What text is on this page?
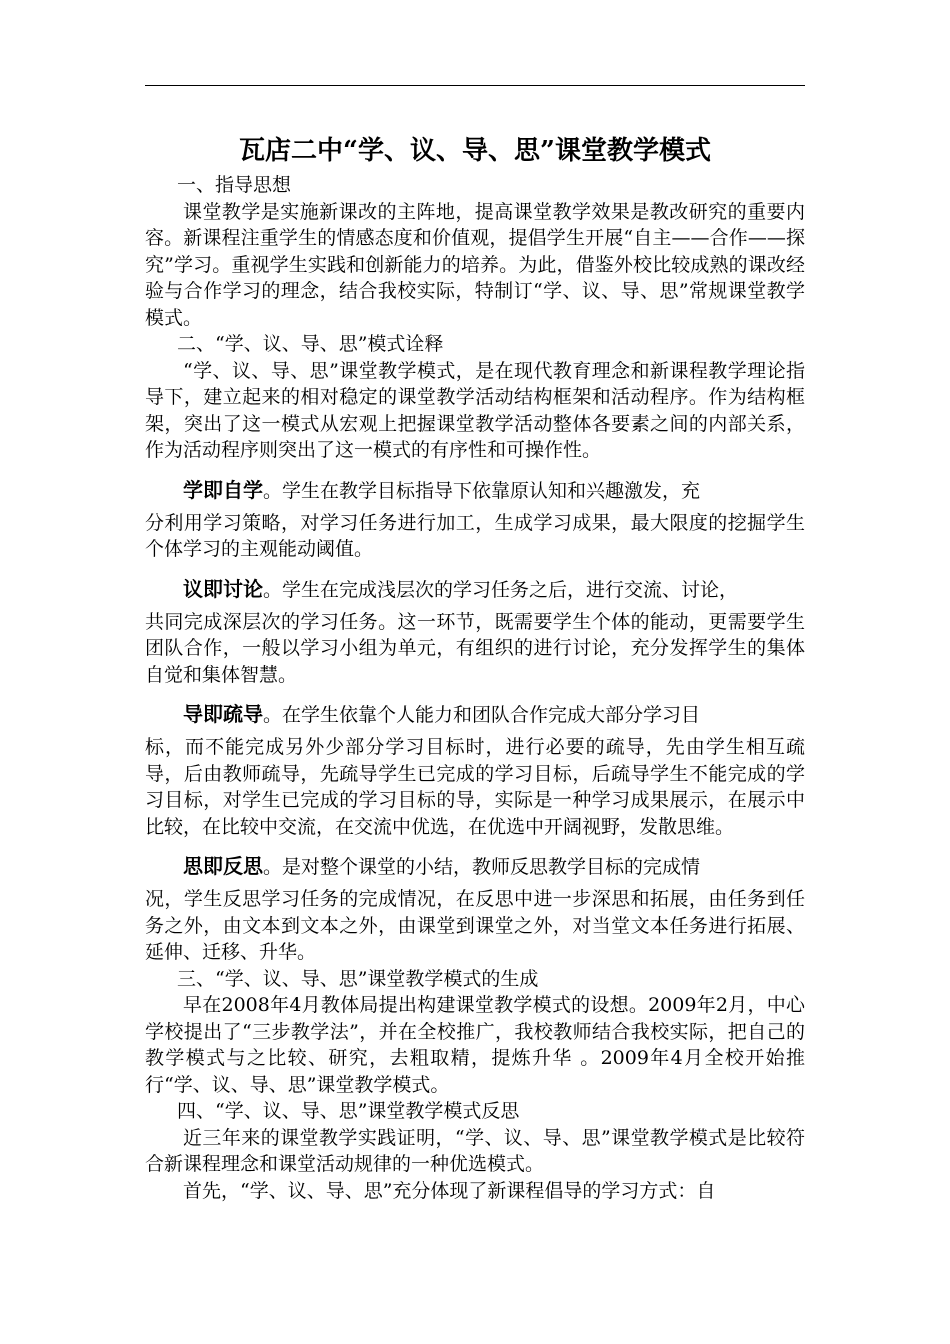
瓦店二中“学、议、导、思”课堂教学模式

一、指导思想

课堂教学是实施新课改的主阵地，提高课堂教学效果是教改研究的重要内容。新课程注重学生的情感态度和价值观，提倡学生开展“自主——合作——探究”学习。重视学生实践和创新能力的培养。为此，借鉴外校比较成熟的课改经验与合作学习的理念，结合我校实际，特制订“学、议、导、思”常规课堂教学模式。

二、“学、议、导、思”模式诠释

“学、议、导、思”课堂教学模式，是在现代教育理念和新课程教学理论指导下，建立起来的相对稳定的课堂教学活动结构框架和活动程序。作为结构框架，突出了这一模式从宏观上把握课堂教学活动整体各要素之间的内部关系，作为活动程序则突出了这一模式的有序性和可操作性。

学即自学。学生在教学目标指导下依靠原认知和兴趣激发，充

分利用学习策略，对学习任务进行加工，生成学习成果，最大限度的挖掘学生个体学习的主观能动阈值。

议即讨论。学生在完成浅层次的学习任务之后，进行交流、讨论，

共同完成深层次的学习任务。这一环节，既需要学生个体的能动，更需要学生团队合作，一般以学习小组为单元，有组织的进行讨论，充分发挥学生的集体自觉和集体智慧。

导即疏导。在学生依靠个人能力和团队合作完成大部分学习目

标，而不能完成另外少部分学习目标时，进行必要的疏导，先由学生相互疏导，后由教师疏导，先疏导学生已完成的学习目标，后疏导学生不能完成的学习目标，对学生已完成的学习目标的导，实际是一种学习成果展示，在展示中比较，在比较中交流，在交流中优选，在优选中开阔视野，发散思维。

思即反思。是对整个课堂的小结，教师反思教学目标的完成情

况，学生反思学习任务的完成情况，在反思中进一步深思和拓展，由任务到任务之外，由文本到文本之外，由课堂到课堂之外，对当堂文本任务进行拓展、延伸、迁移、升华。

三、“学、议、导、思”课堂教学模式的生成

早在2008年4月教体局提出构建课堂教学模式的设想。2009年2月，中心学校提出了“三步教学法”，并在全校推广，我校教师结合我校实际，把自己的教学模式与之比较、研究，去粗取精，提炼升华 。2009年4月全校开始推行“学、议、导、思”课堂教学模式。

四、“学、议、导、思”课堂教学模式反思

近三年来的课堂教学实践证明，“学、议、导、思”课堂教学模式是比较符合新课程理念和课堂活动规律的一种优选模式。

首先，“学、议、导、思”充分体现了新课程倡导的学习方式：自
